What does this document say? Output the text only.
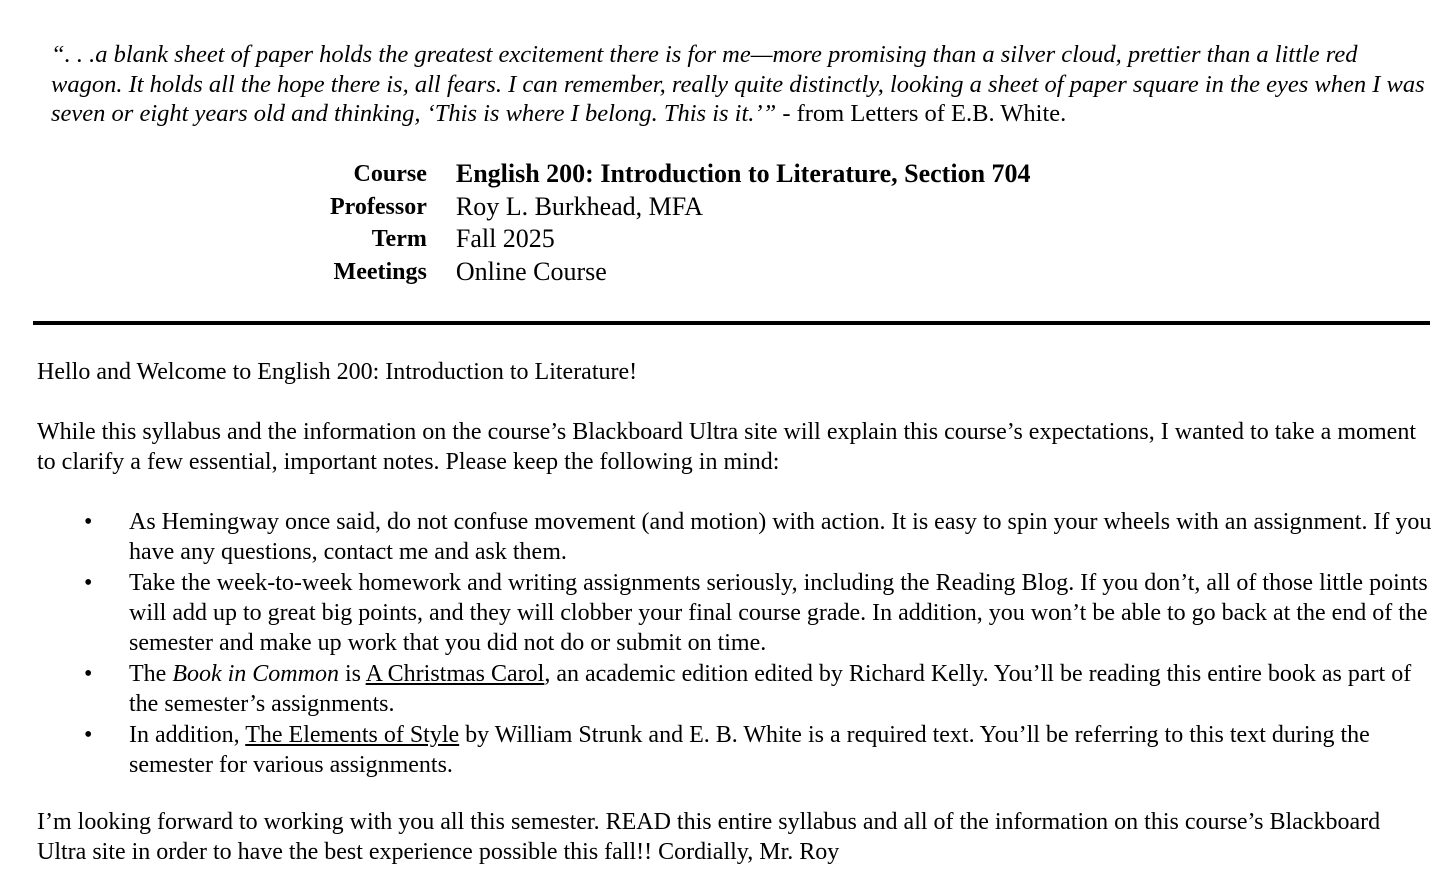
“. . .a blank sheet of paper holds the greatest excitement there is for me—more promising than a silver cloud, prettier than a little red wagon. It holds all the hope there is, all fears. I can remember, really quite distinctly, looking a sheet of paper square in the eyes when I was seven or eight years old and thinking, ‘This is where I belong. This is it.’” - from Letters of E.B. White.
Course	English 200: Introduction to Literature, Section 704
Professor	Roy L. Burkhead, MFA
Term	Fall 2025
Meetings	Online Course
Hello and Welcome to English 200: Introduction to Literature!
While this syllabus and the information on the course’s Blackboard Ultra site will explain this course’s expectations, I wanted to take a moment to clarify a few essential, important notes. Please keep the following in mind:
• As Hemingway once said, do not confuse movement (and motion) with action. It is easy to spin your wheels with an assignment. If you have any questions, contact me and ask them.
• Take the week-to-week homework and writing assignments seriously, including the Reading Blog. If you don’t, all of those little points will add up to great big points, and they will clobber your final course grade. In addition, you won’t be able to go back at the end of the semester and make up work that you did not do or submit on time.
• The Book in Common is A Christmas Carol, an academic edition edited by Richard Kelly. You’ll be reading this entire book as part of the semester’s assignments.
• In addition, The Elements of Style by William Strunk and E. B. White is a required text. You’ll be referring to this text during the semester for various assignments.
I’m looking forward to working with you all this semester. READ this entire syllabus and all of the information on this course’s Blackboard Ultra site in order to have the best experience possible this fall!! Cordially, Mr. Roy
